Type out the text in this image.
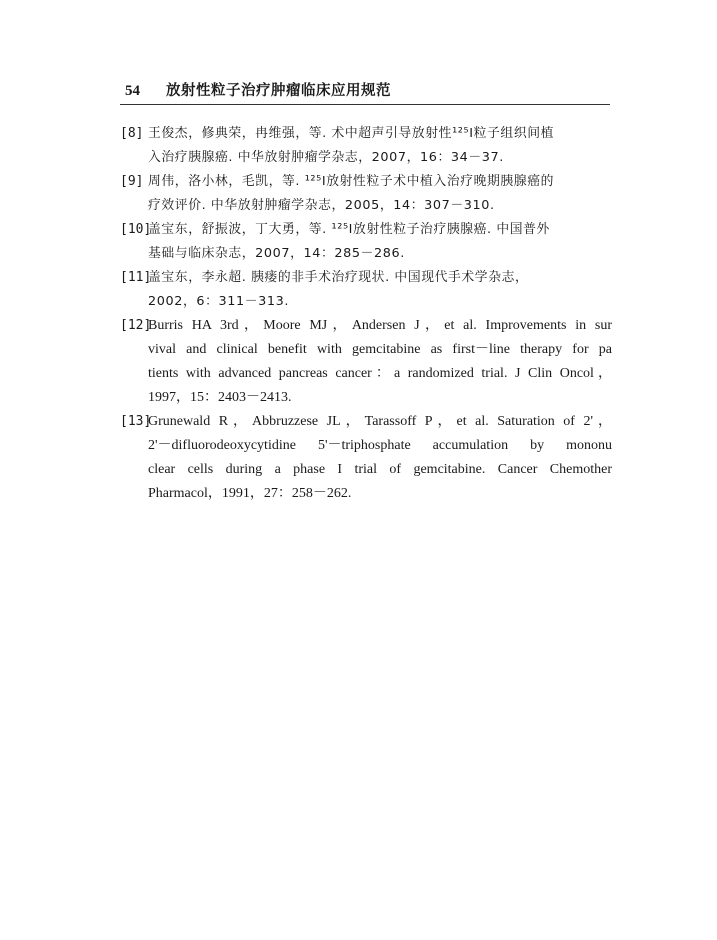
54 放射性粒子治疗肿瘤临床应用规范
[8] 王俊杰，修典荣，冉维强，等. 术中超声引导放射性¹²⁵I粒子组织间植
入治疗胰腺癌. 中华放射肿瘤学杂志，2007，16：34－37.
[9] 周伟，洛小林，毛凯，等. ¹²⁵I放射性粒子术中植入治疗晚期胰腺癌的
疗效评价. 中华放射肿瘤学杂志，2005，14：307－310.
[10]
盖宝东，舒振波，丁大勇，等. ¹²⁵I放射性粒子治疗胰腺癌. 中国普外
基础与临床杂志，2007，14：285－286.
[11]
盖宝东，李永超. 胰瘘的非手术治疗现状. 中国现代手术学杂志，
2002，6：311－313.
[12]
Burris HA 3rd，Moore MJ，Andersen J，et al. Improvements in sur
vival and clinical benefit with gemcitabine as first－line therapy for pa
tients with advanced pancreas cancer：a randomized trial. J Clin Oncol，
1997，15：2403－2413.
[13]
Grunewald R，Abbruzzese JL，Tarassoff P，et al. Saturation of 2'，
2'－difluorodeoxycytidine 5'－triphosphate accumulation by mononu
clear cells during a phase I trial of gemcitabine. Cancer Chemother
Pharmacol，1991，27：258－262.
